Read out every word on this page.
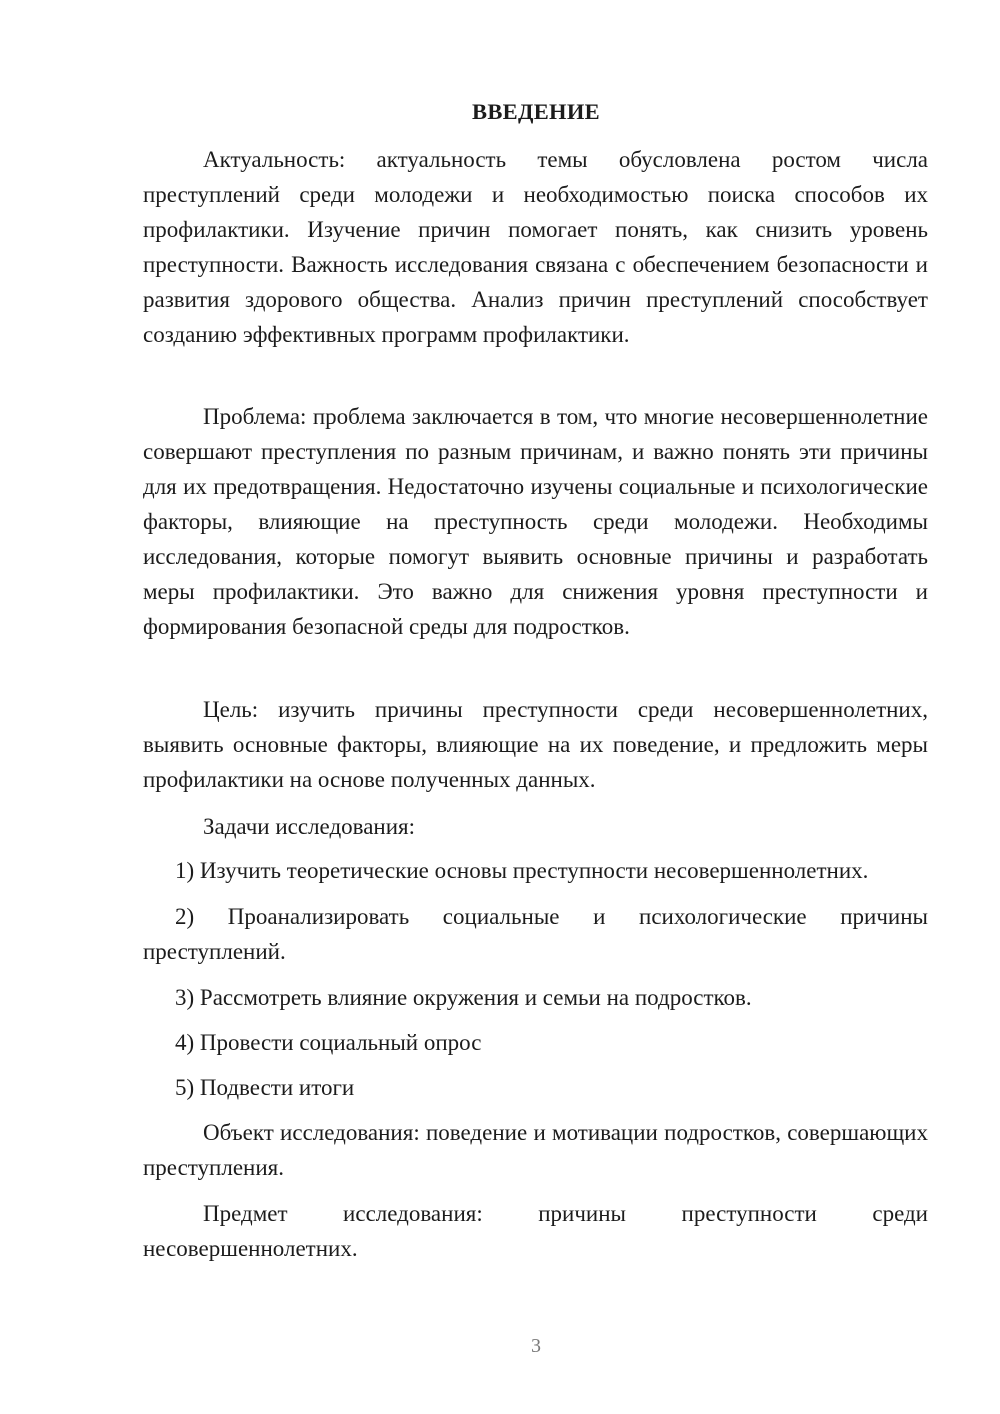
ВВЕДЕНИЕ

Актуальность: актуальность темы обусловлена ростом числа преступлений среди молодежи и необходимостью поиска способов их профилактики. Изучение причин помогает понять, как снизить уровень преступности. Важность исследования связана с обеспечением безопасности и развития здорового общества. Анализ причин преступлений способствует созданию эффективных программ профилактики.

Проблема: проблема заключается в том, что многие несовершеннолетние совершают преступления по разным причинам, и важно понять эти причины для их предотвращения. Недостаточно изучены социальные и психологические факторы, влияющие на преступность среди молодежи. Необходимы исследования, которые помогут выявить основные причины и разработать меры профилактики. Это важно для снижения уровня преступности и формирования безопасной среды для подростков.

Цель: изучить причины преступности среди несовершеннолетних, выявить основные факторы, влияющие на их поведение, и предложить меры профилактики на основе полученных данных.

Задачи исследования:

1) Изучить теоретические основы преступности несовершеннолетних.

2) Проанализировать социальные и психологические причины преступлений.

3) Рассмотреть влияние окружения и семьи на подростков.

4) Провести социальный опрос

5) Подвести итоги

Объект исследования: поведение и мотивации подростков, совершающих преступления.

Предмет исследования: причины преступности среди несовершеннолетних.

3
